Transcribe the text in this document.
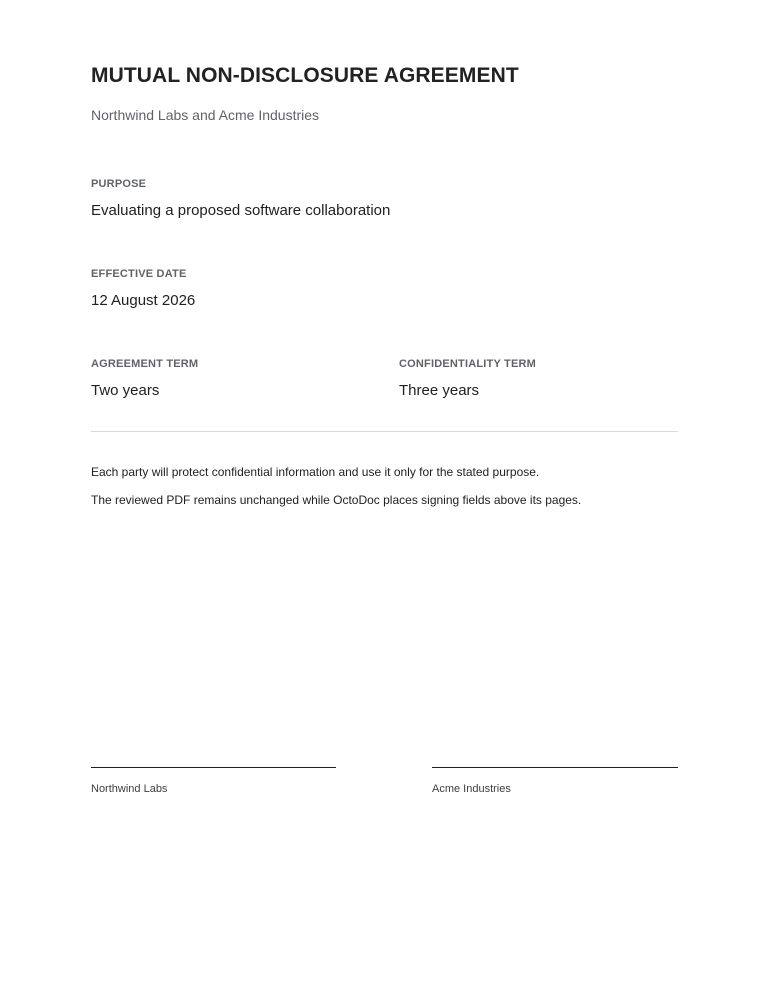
MUTUAL NON-DISCLOSURE AGREEMENT
Northwind Labs and Acme Industries
PURPOSE
Evaluating a proposed software collaboration
EFFECTIVE DATE
12 August 2026
AGREEMENT TERM
Two years
CONFIDENTIALITY TERM
Three years
Each party will protect confidential information and use it only for the stated purpose.
The reviewed PDF remains unchanged while OctoDoc places signing fields above its pages.
Northwind Labs	Acme Industries
